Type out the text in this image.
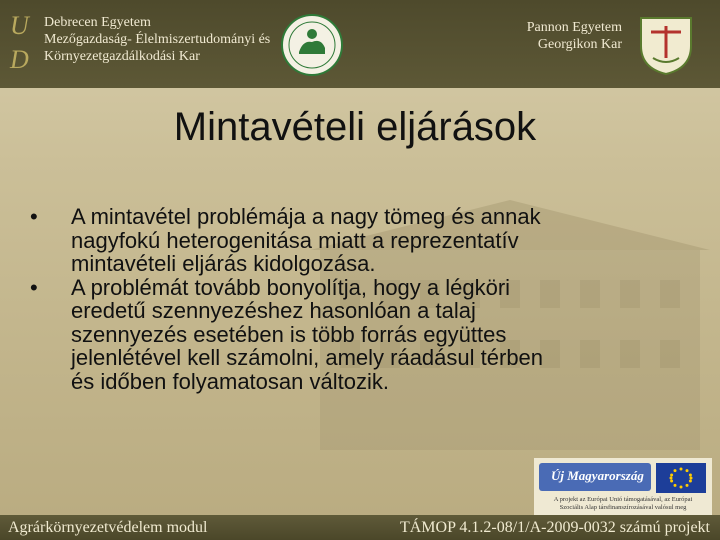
U
D
Debrecen Egyetem
Mezőgazdaság- Élelmiszertudományi és
Környezetgazdálkodási Kar
Pannon Egyetem
Georgikon Kar
Mintavételi eljárások
• A mintavétel problémája a nagy tömeg és annak
nagyfokú heterogenitása miatt a reprezentatív
mintavételi eljárás kidolgozása.
• A problémát tovább bonyolítja, hogy a légköri
eredetű szennyezéshez hasonlóan a talaj
szennyezés esetében is több forrás együttes
jelenlétével kell számolni, amely ráadásul térben
és időben folyamatosan változik.
Új Magyarország
A projekt az Európai Unió támogatásával, az Európai
Szociális Alap társfinanszírozásával valósul meg
Agrárkörnyezetvédelem modul	TÁMOP 4.1.2-08/1/A-2009-0032 számú projekt
